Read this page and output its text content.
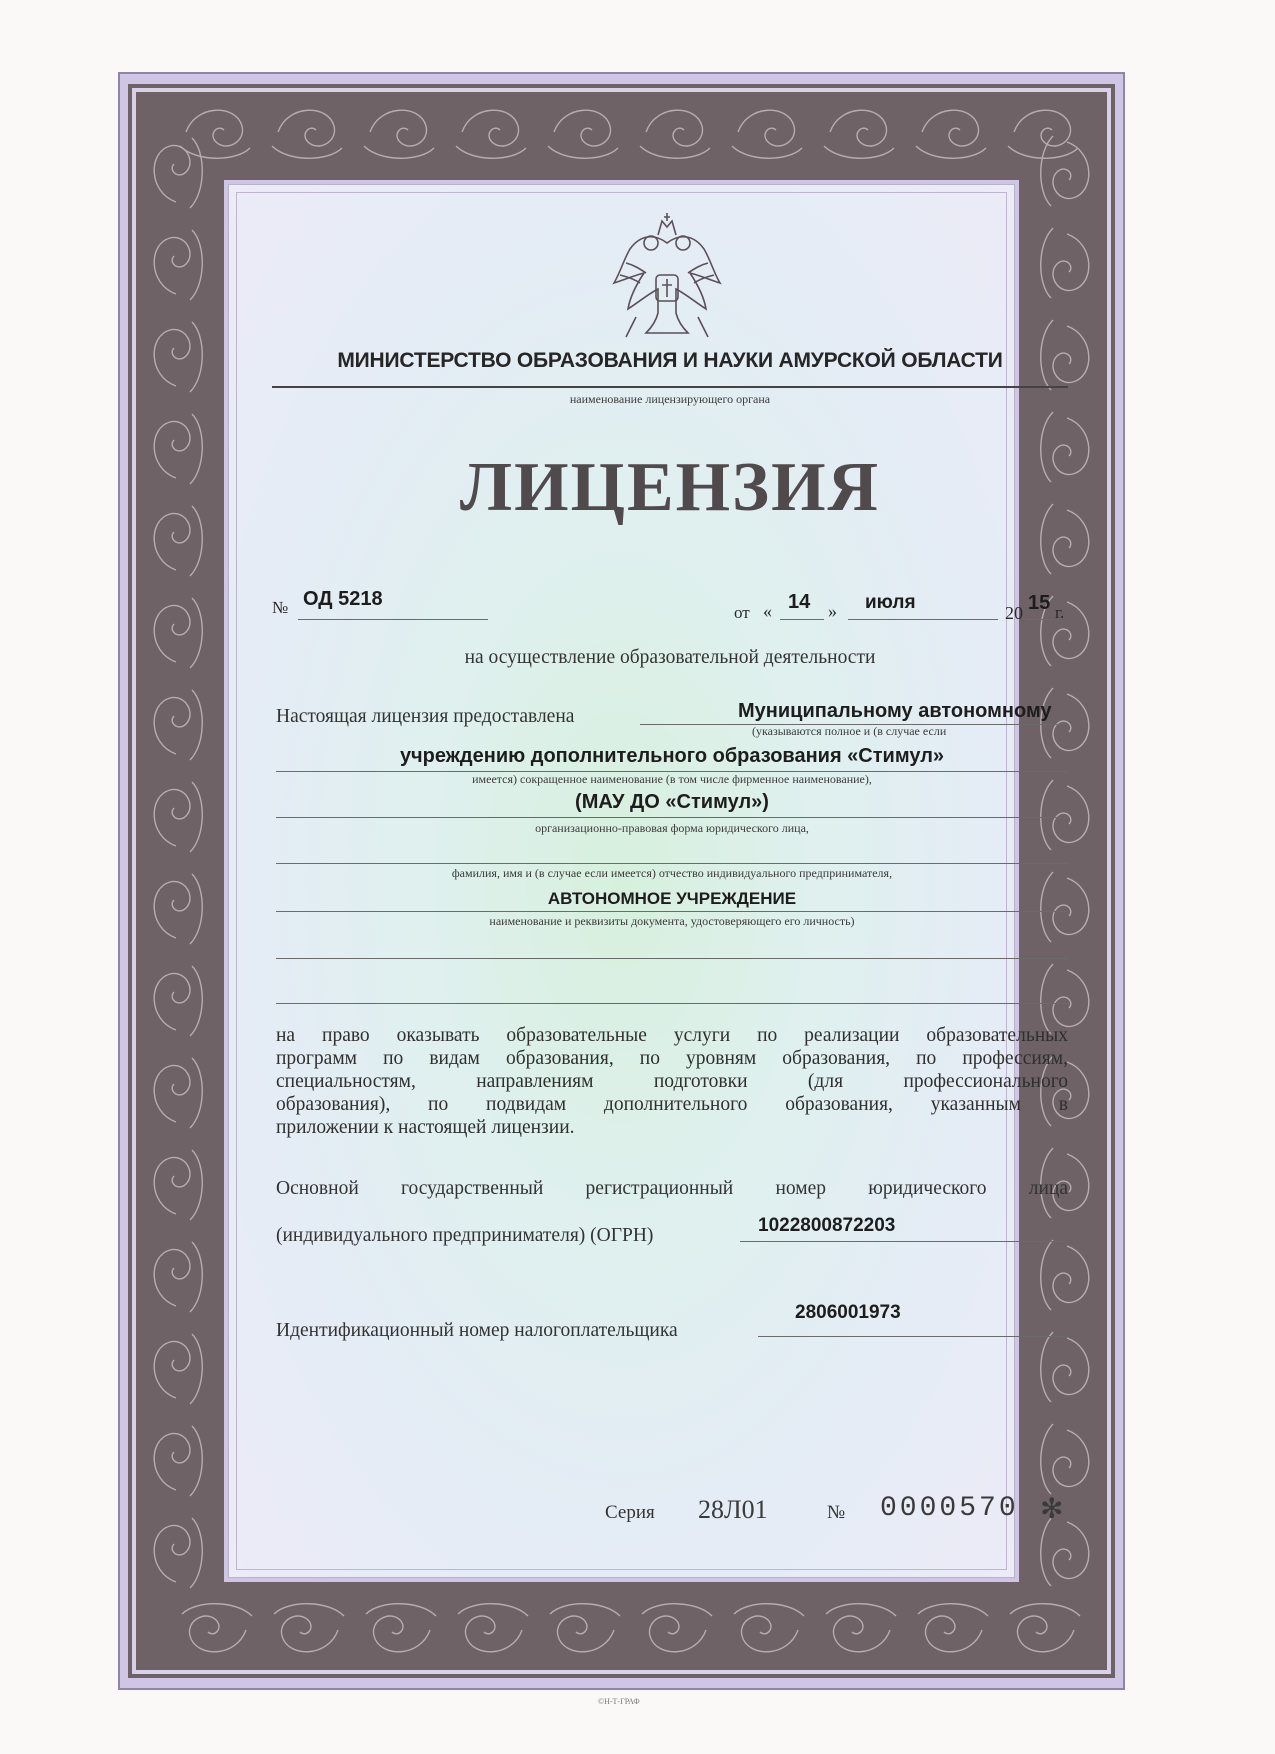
МИНИСТЕРСТВО ОБРАЗОВАНИЯ И НАУКИ АМУРСКОЙ ОБЛАСТИ
наименование лицензирующего органа
ЛИЦЕНЗИЯ
№ ОД 5218
от « 14 » июля	20 15 г.
на осуществление образовательной деятельности
Настоящая лицензия предоставлена	Муниципальному автономному
(указываются полное и (в случае если
учреждению дополнительного образования «Стимул»
имеется) сокращенное наименование (в том числе фирменное наименование),
(МАУ ДО «Стимул»)
организационно-правовая форма юридического лица,
фамилия, имя и (в случае если имеется) отчество индивидуального предпринимателя,
АВТОНОМНОЕ УЧРЕЖДЕНИЕ
наименование и реквизиты документа, удостоверяющего его личность)
на право оказывать образовательные услуги по реализации образовательных
программ по видам образования, по уровням образования, по профессиям,
специальностям, направлениям подготовки (для профессионального
образования), по подвидам дополнительного образования, указанным в
приложении к настоящей лицензии.
Основной государственный регистрационный номер юридического лица
(индивидуального предпринимателя) (ОГРН)	1022800872203
Идентификационный номер налогоплательщика
2806001973
Серия 28Л01	№ 0000570 ✻
©Н-Т-ГРАФ
